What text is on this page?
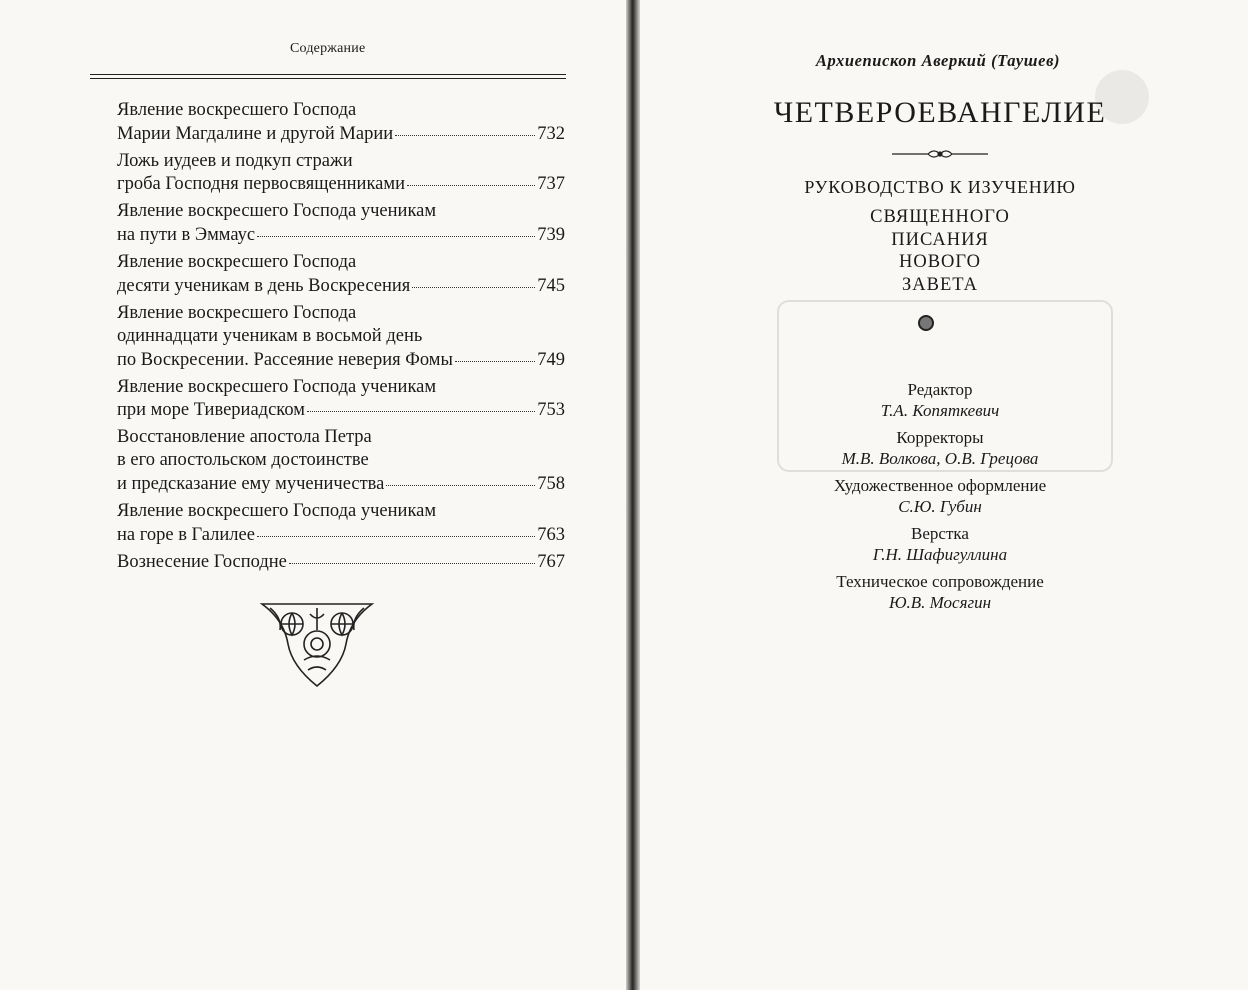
Содержание
Явление воскресшего Господа
Марии Магдалине и другой Марии	732
Ложь иудеев и подкуп стражи
гроба Господня первосвященниками	737
Явление воскресшего Господа ученикам
на пути в Эммаус	739
Явление воскресшего Господа
десяти ученикам в день Воскресения	745
Явление воскресшего Господа
одиннадцати ученикам в восьмой день
по Воскресении. Рассеяние неверия Фомы	749
Явление воскресшего Господа ученикам
при море Тивериадском	753
Восстановление апостола Петра
в его апостольском достоинстве
и предсказание ему мученичества	758
Явление воскресшего Господа ученикам
на горе в Галилее	763
Вознесение Господне	767

Архиепископ Аверкий (Таушев)
ЧЕТВЕРОЕВАНГЕЛИЕ
РУКОВОДСТВО К ИЗУЧЕНИЮ
СВЯЩЕННОГО
ПИСАНИЯ
НОВОГО
ЗАВЕТА
Редактор
Т.А. Копяткевич
Корректоры
М.В. Волкова, О.В. Грецова
Художественное оформление
С.Ю. Губин
Верстка
Г.Н. Шафигуллина
Техническое сопровождение
Ю.В. Мосягин
